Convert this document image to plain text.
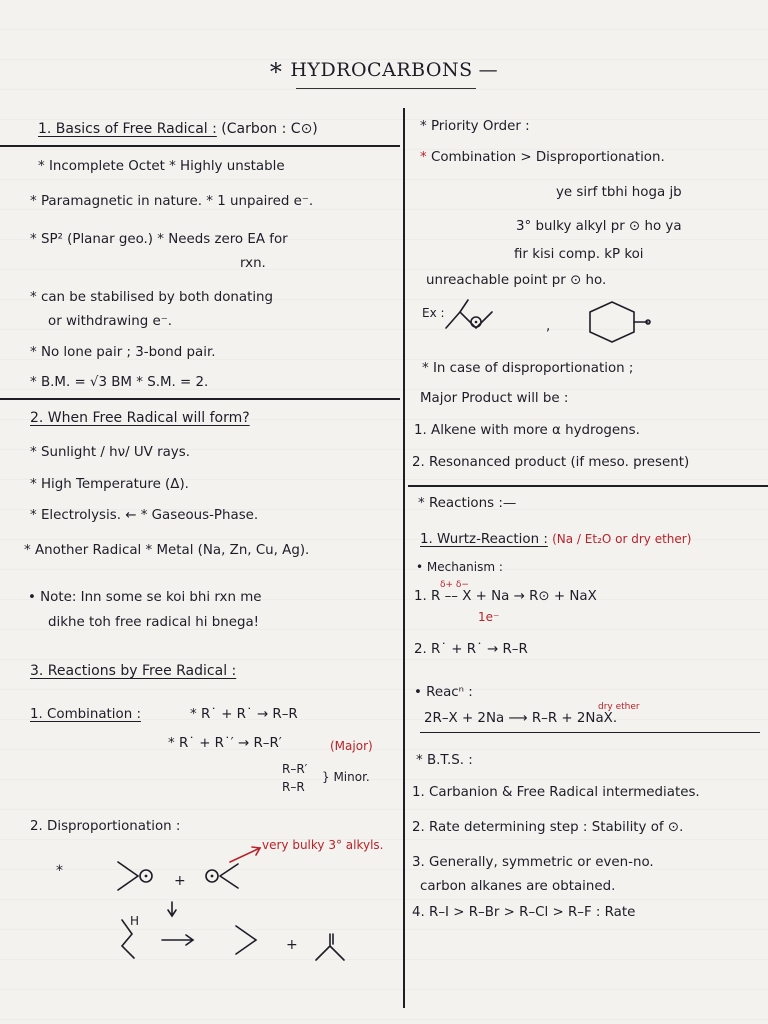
* HYDROCARBONS —
1. Basics of Free Radical : (Carbon : C⊙)
* Incomplete Octet * Highly unstable
* Paramagnetic in nature. * 1 unpaired e⁻.
* SP² (Planar geo.) * Needs zero EA for
rxn.
* can be stabilised by both donating
or withdrawing e⁻.
* No lone pair ; 3-bond pair.
* B.M. = √3 BM * S.M. = 2.
2. When Free Radical will form?
* Sunlight / hν/ UV rays.
* High Temperature (Δ).
* Electrolysis. ← * Gaseous-Phase.
* Another Radical * Metal (Na, Zn, Cu, Ag).
• Note: Inn some se koi bhi rxn me
dikhe toh free radical hi bnega!
3. Reactions by Free Radical :
1. Combination :	* R˙ + R˙ → R–R
* R˙ + R˙′ → R–R′	(Major)
R–R′
R–R
} Minor.
2. Disproportionation :
very bulky 3° alkyls.
*
+
+
H
* Priority Order :
* Combination > Disproportionation.
ye sirf tbhi hoga jb
3° bulky alkyl pr ⊙ ho ya
fir kisi comp. kP koi
unreachable point pr ⊙ ho.
Ex :
,
* In case of disproportionation ;
Major Product will be :
1. Alkene with more α hydrogens.
2. Resonanced product (if meso. present)
* Reactions :—
1. Wurtz-Reaction : (Na / Et₂O or dry ether)
• Mechanism :
δ+ δ−
1. R –– X + Na → R⊙ + NaX
1e⁻
2. R˙ + R˙ → R–R
• Reacⁿ :
dry ether
2R–X + 2Na ⟶ R–R + 2NaX.
* B.T.S. :
1. Carbanion & Free Radical intermediates.
2. Rate determining step : Stability of ⊙.
3. Generally, symmetric or even-no.
carbon alkanes are obtained.
4. R–I > R–Br > R–Cl > R–F : Rate
